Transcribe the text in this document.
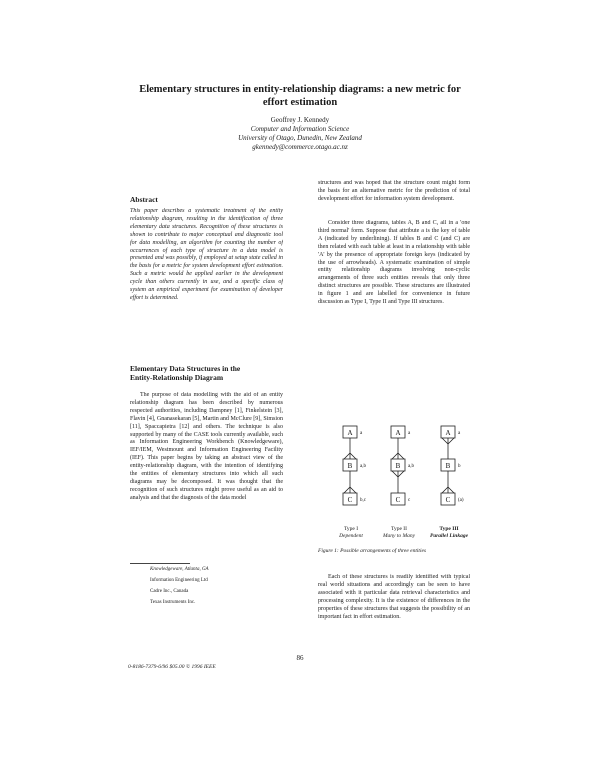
Elementary structures in entity-relationship diagrams: a new metric for
effort estimation
Geoffrey J. Kennedy
Computer and Information Science
University of Otago, Dunedin, New Zealand
gkennedy@commerce.otago.ac.nz
Abstract
This paper describes a systematic treatment of the entity relationship diagram, resulting in the identification of three elementary data structures. Recognition of these structures is shown to contribute to major conceptual and diagnostic tool for data modelling, an algorithm for counting the number of occurrences of each type of structure in a data model is presented and was possibly, if employed at setup state called in the basis for a metric for system development effort estimation. Such a metric would be applied earlier in the development cycle than others currently in use, and a specific class of system an empirical experiment for examination of developer effort is determined.
Elementary Data Structures in the
Entity-Relationship Diagram
The purpose of data modelling with the aid of an entity relationship diagram has been described by numerous respected authorities, including Dampney [1], Finkelstein [3], Flavin [4], Gnanasekaran [5], Martin and McClure [9], Simsion [11], Spaccapietra [12] and others. The technique is also supported by many of the CASE tools currently available, such as Information Engineering Workbench (Knowledgeware), IEF/IEM, Westmount and Information Engineering Facility (IEF). This paper begins by taking an abstract view of the entity-relationship diagram, with the intention of identifying the entities of elementary structures into which all such diagrams may be decomposed. It was thought that the recognition of such structures might prove useful as an aid to analysis and that the diagnosis of the data model
Knowledgeware, Atlanta, GA
Information Engineering Ltd
Cadre Inc., Canada
Texas Instruments Inc.
structures and was hoped that the structure count might form the basis for an alternative metric for the prediction of total development effort for information system development.
Consider three diagrams, tables A, B and C, all in a 'one third normal' form. Suppose that attribute a is the key of table A (indicated by underlining). If tables B and C (and C) are then related with each table at least in a relationship with table 'A' by the presence of appropriate foreign keys (indicated by the use of arrowheads). A systematic examination of simple entity relationship diagrams involving non-cyclic arrangements of three such entities reveals that only three distinct structures are possible. These structures are illustrated in figure 1 and are labelled for convenience in future discussion as Type I, Type II and Type III structures.
A
B
C
A
B
C
A
B
C
a
a,b
b,c
a
a,b
c
a
b
(a)
Type I
Dependent
Type II
Many to Many
Type III
Parallel Linkage
Figure 1: Possible arrangements of three entities
Each of these structures is readily identified with typical real world situations and accordingly can be seen to have associated with it particular data retrieval characteristics and processing complexity. It is the existence of differences in the properties of these structures that suggests the possibility of an important fact in effort estimation.
86
0-8186-7379-6/96 $05.00 © 1996 IEEE
